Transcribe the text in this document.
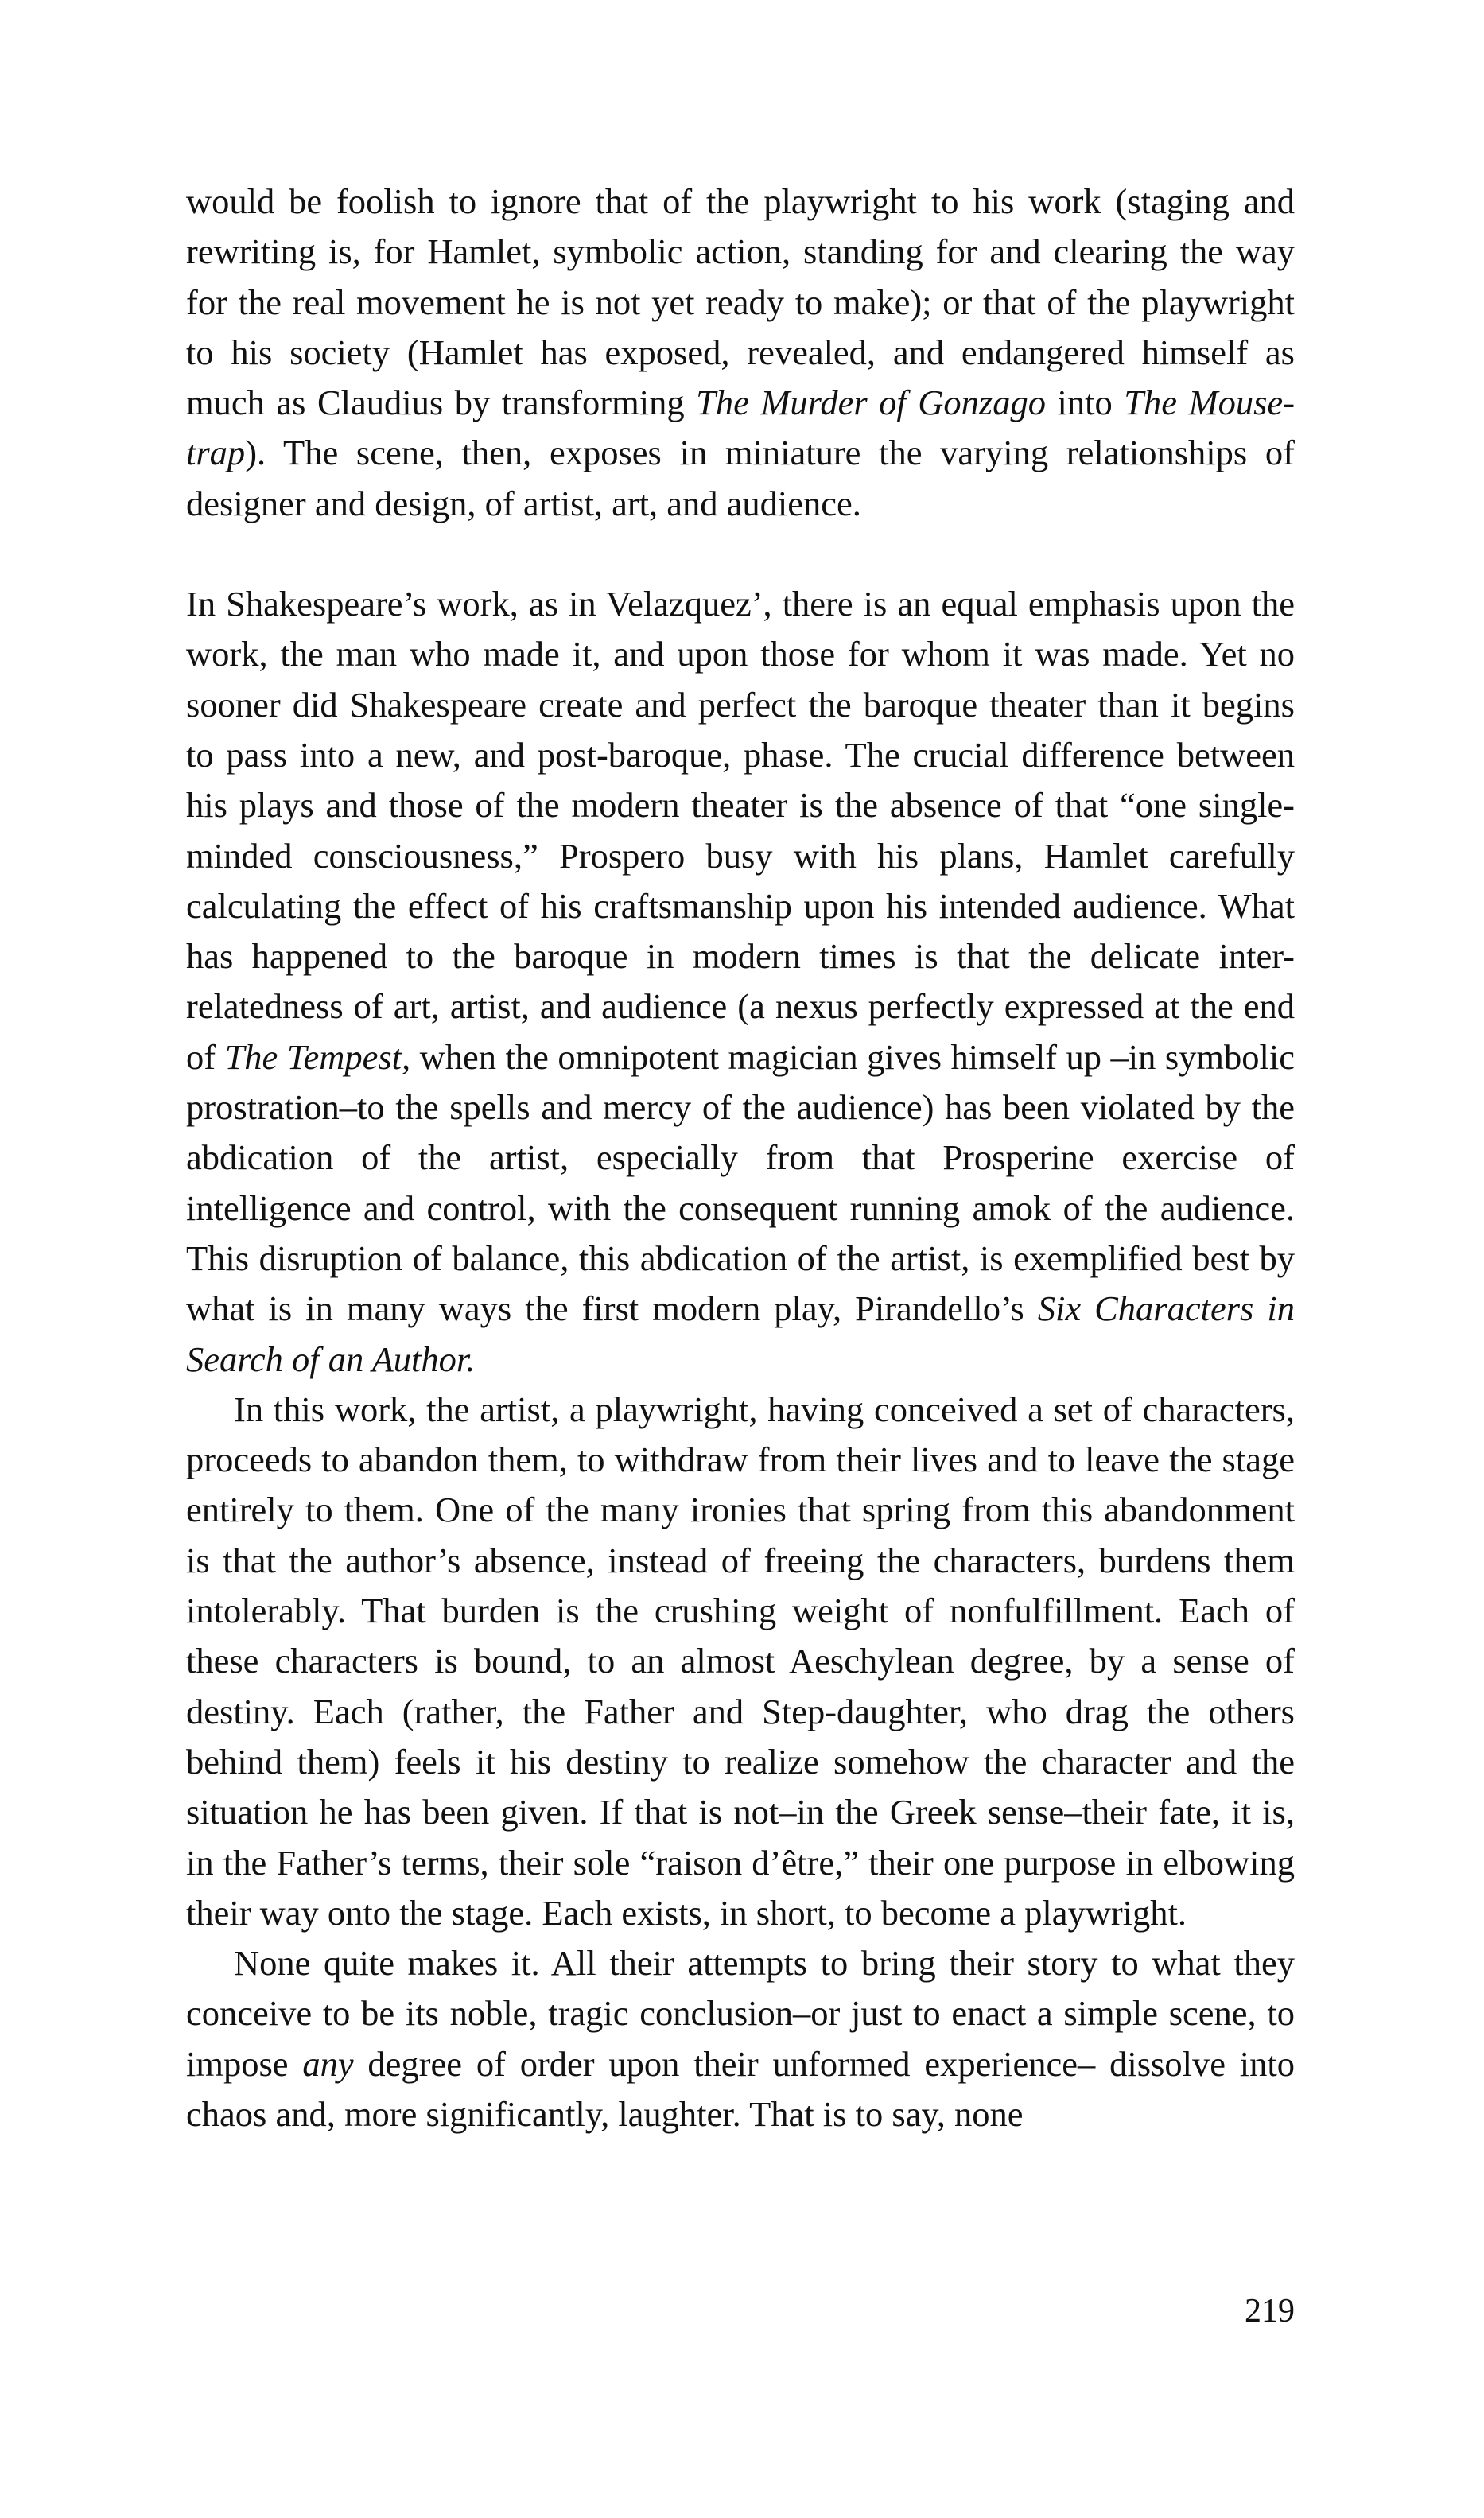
would be foolish to ignore that of the playwright to his work (staging and rewriting is, for Hamlet, symbolic action, standing for and clearing the way for the real movement he is not yet ready to make); or that of the playwright to his society (Hamlet has exposed, revealed, and endangered himself as much as Claudius by transforming The Murder of Gonzago into The Mousetrap). The scene, then, exposes in miniature the varying relationships of designer and design, of artist, art, and audience.

In Shakespeare’s work, as in Velazquez’, there is an equal emphasis upon the work, the man who made it, and upon those for whom it was made. Yet no sooner did Shakespeare create and perfect the baroque theater than it begins to pass into a new, and post-baroque, phase. The crucial difference between his plays and those of the modern theater is the absence of that “one single-minded consciousness,” Prospero busy with his plans, Hamlet carefully calculating the effect of his craftsmanship upon his intended audience. What has happened to the baroque in modern times is that the delicate inter-relatedness of art, artist, and audience (a nexus perfectly expressed at the end of The Tempest, when the omnipotent magician gives himself up –in symbolic prostration–to the spells and mercy of the audience) has been violated by the abdication of the artist, especially from that Prosperine exercise of intelligence and control, with the consequent running amok of the audience. This disruption of balance, this abdication of the artist, is exemplified best by what is in many ways the first modern play, Pirandello’s Six Characters in Search of an Author.

In this work, the artist, a playwright, having conceived a set of characters, proceeds to abandon them, to withdraw from their lives and to leave the stage entirely to them. One of the many ironies that spring from this abandonment is that the author’s absence, instead of freeing the characters, burdens them intolerably. That burden is the crushing weight of nonfulfillment. Each of these characters is bound, to an almost Aeschylean degree, by a sense of destiny. Each (rather, the Father and Step-daughter, who drag the others behind them) feels it his destiny to realize somehow the character and the situation he has been given. If that is not–in the Greek sense–their fate, it is, in the Father’s terms, their sole “raison d’être,” their one purpose in elbowing their way onto the stage. Each exists, in short, to become a playwright.

None quite makes it. All their attempts to bring their story to what they conceive to be its noble, tragic conclusion–or just to enact a simple scene, to impose any degree of order upon their unformed experience– dissolve into chaos and, more significantly, laughter. That is to say, none

219
